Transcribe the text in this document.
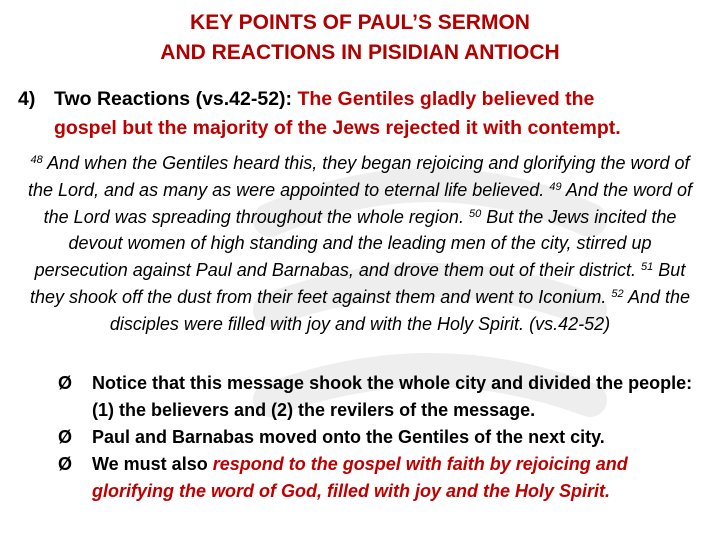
KEY POINTS OF PAUL’S SERMON
AND REACTIONS IN PISIDIAN ANTIOCH
4) Two Reactions (vs.42-52): The Gentiles gladly believed the
gospel but the majority of the Jews rejected it with contempt.
$^{48}$ And when the Gentiles heard this, they began rejoicing and glorifying the word of the Lord, and as many as were appointed to eternal life believed. $^{49}$ And the word of the Lord was spreading throughout the whole region. $^{50}$ But the Jews incited the devout women of high standing and the leading men of the city, stirred up persecution against Paul and Barnabas, and drove them out of their district. $^{51}$ But they shook off the dust from their feet against them and went to Iconium. $^{52}$ And the disciples were filled with joy and with the Holy Spirit. (vs.42-52)
Ø	Notice that this message shook the whole city and divided the people: (1) the believers and (2) the revilers of the message.
Ø	Paul and Barnabas moved onto the Gentiles of the next city.
Ø	We must also respond to the gospel with faith by rejoicing and glorifying the word of God, filled with joy and the Holy Spirit.
